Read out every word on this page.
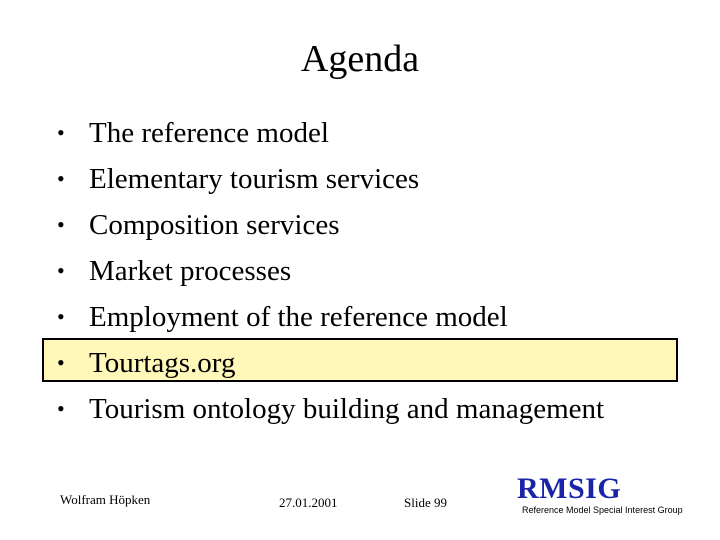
Agenda
• The reference model
• Elementary tourism services
• Composition services
• Market processes
• Employment of the reference model
• Tourtags.org
• Tourism ontology building and management
Wolfram Höpken	27.01.2001	Slide 99 RMSIG
Reference Model Special Interest Group
